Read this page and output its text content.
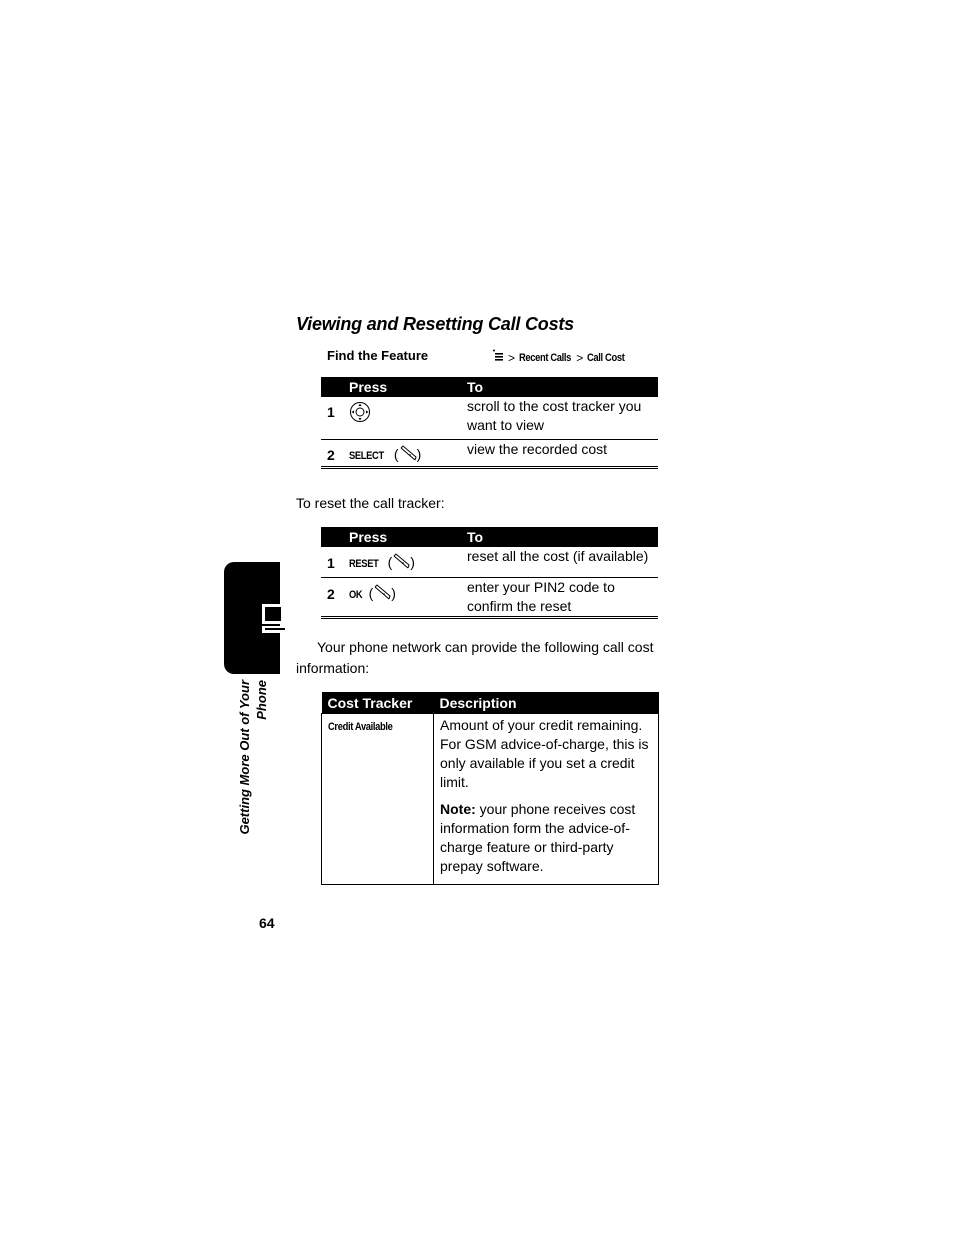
Viewing and Resetting Call Costs
Find the Feature	> Recent Calls > Call Cost
	Press	To
1		scroll to the cost tracker you want to view
2	SELECT ( )	view the recorded cost
To reset the call tracker:
	Press	To
1	RESET ( )	reset all the cost (if available)
2	OK ( )	enter your PIN2 code to confirm the reset
Your phone network can provide the following call cost information:
Cost Tracker	Description
Credit Available	Amount of your credit remaining. For GSM advice-of-charge, this is only available if you set a credit limit.

Note: your phone receives cost information form the advice-of-charge feature or third-party prepay software.

Getting More Out of Your Phone
64
